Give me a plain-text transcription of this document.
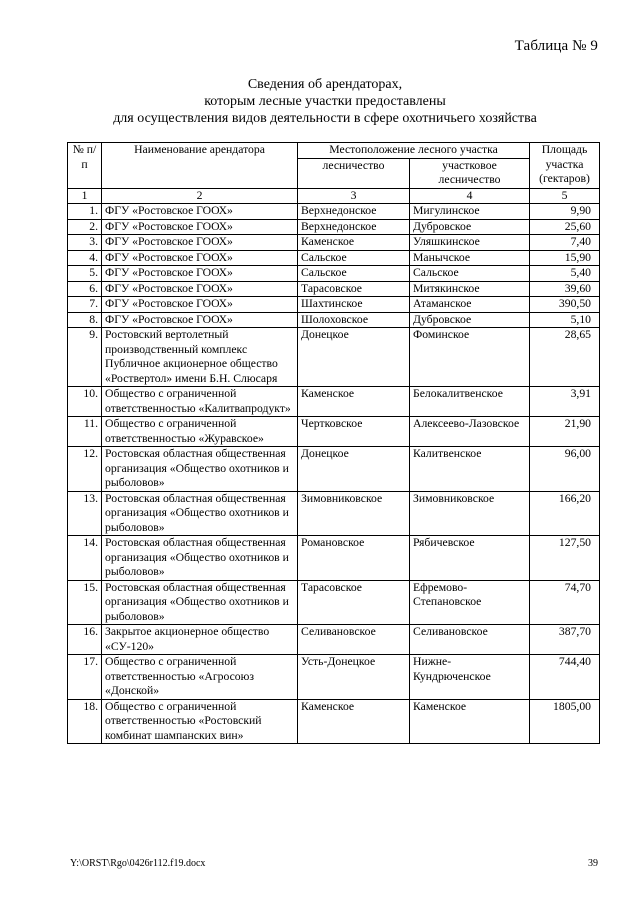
Таблица № 9
Сведения об арендаторах,
которым лесные участки предоставлены
для осуществления видов деятельности в сфере охотничьего хозяйства
№ п/п	Наименование арендатора	Местоположение лесного участка		Площадь участка (гектаров)
		лесничество	участковое лесничество	
1	2	3	4	5
1.	ФГУ «Ростовское ГООХ»	Верхнедонское	Мигулинское	9,90
2.	ФГУ «Ростовское ГООХ»	Верхнедонское	Дубровское	25,60
3.	ФГУ «Ростовское ГООХ»	Каменское	Уляшкинское	7,40
4.	ФГУ «Ростовское ГООХ»	Сальское	Манычское	15,90
5.	ФГУ «Ростовское ГООХ»	Сальское	Сальское	5,40
6.	ФГУ «Ростовское ГООХ»	Тарасовское	Митякинское	39,60
7.	ФГУ «Ростовское ГООХ»	Шахтинское	Атаманское	390,50
8.	ФГУ «Ростовское ГООХ»	Шолоховское	Дубровское	5,10
9.	Ростовский вертолетный производственный комплекс Публичное акционерное общество «Роствертол» имени Б.Н. Слюсаря	Донецкое	Фоминское	28,65
10.	Общество с ограниченной ответственностью «Калитвапродукт»	Каменское	Белокалитвенское	3,91
11.	Общество с ограниченной ответственностью «Журавское»	Чертковское	Алексеево-Лазовское	21,90
12.	Ростовская областная общественная организация «Общество охотников и рыболовов»	Донецкое	Калитвенское	96,00
13.	Ростовская областная общественная организация «Общество охотников и рыболовов»	Зимовниковское	Зимовниковское	166,20
14.	Ростовская областная общественная организация «Общество охотников и рыболовов»	Романовское	Рябичевское	127,50
15.	Ростовская областная общественная организация «Общество охотников и рыболовов»	Тарасовское	Ефремово-Степановское	74,70
16.	Закрытое акционерное общество «СУ-120»	Селивановское	Селивановское	387,70
17.	Общество с ограниченной ответственностью «Агросоюз «Донской»	Усть-Донецкое	Нижне-Кундрюченское	744,40
18.	Общество с ограниченной ответственностью «Ростовский комбинат шампанских вин»	Каменское	Каменское	1805,00
Y:\ORST\Rgo\0426r112.f19.docx	39
